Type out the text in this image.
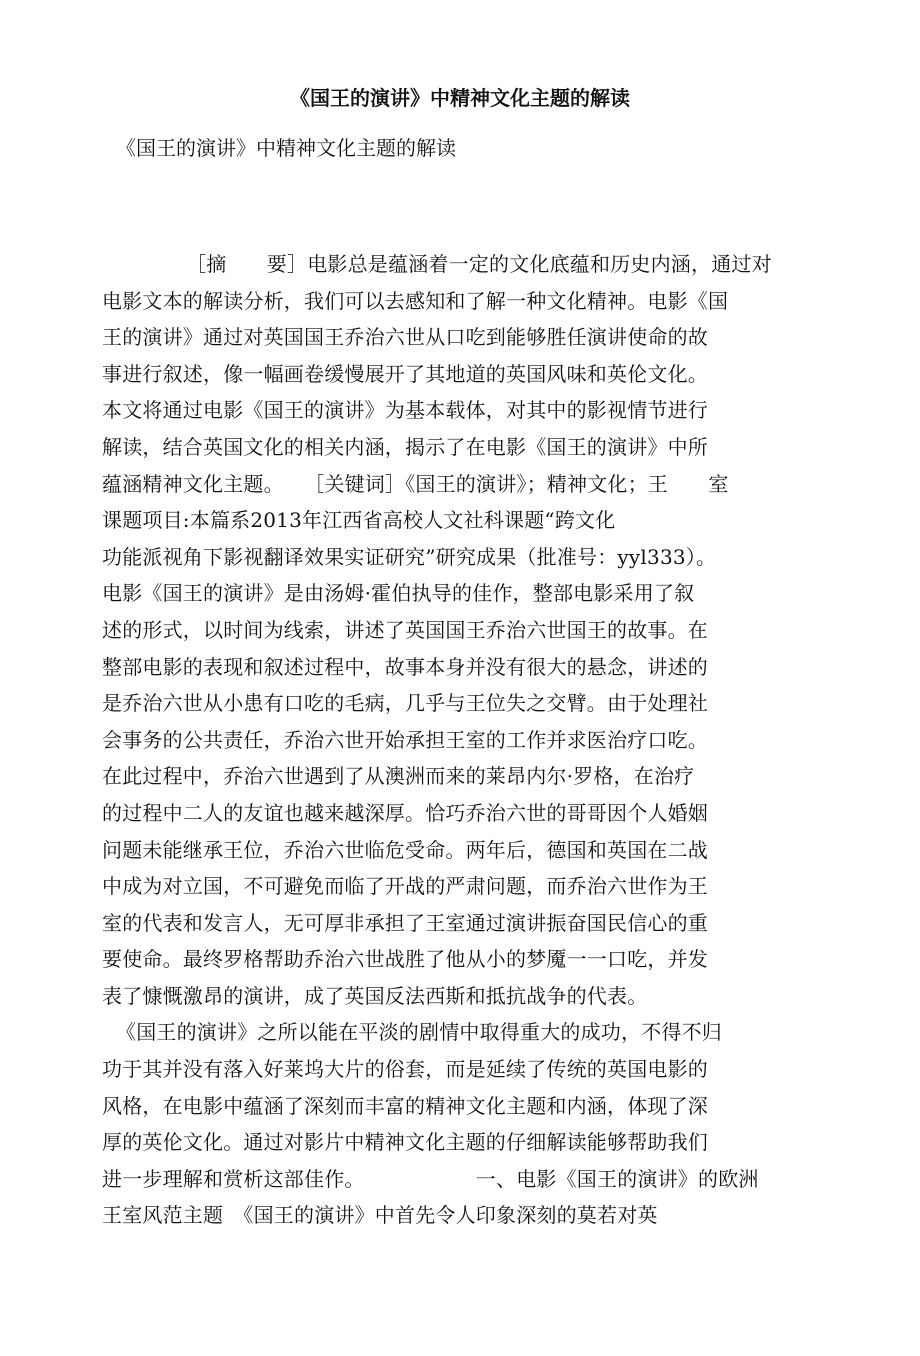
《国王的演讲》中精神文化主题的解读
《国王的演讲》中精神文化主题的解读
［摘　　要］电影总是蕴涵着一定的文化底蕴和历史内涵，通过对
电影文本的解读分析，我们可以去感知和了解一种文化精神。电影《国
王的演讲》通过对英国国王乔治六世从口吃到能够胜任演讲使命的故
事进行叙述，像一幅画卷缓慢展开了其地道的英国风味和英伦文化。
本文将通过电影《国王的演讲》为基本载体，对其中的影视情节进行
解读，结合英国文化的相关内涵，揭示了在电影《国王的演讲》中所
蕴涵精神文化主题。　　［关键词］《国王的演讲》；精神文化；王　　室
课题项目:本篇系2013年江西省高校人文社科课题“跨文化
功能派视角下影视翻译效果实证研究”研究成果（批准号：yyl333）。
电影《国王的演讲》是由汤姆·霍伯执导的佳作，整部电影采用了叙
述的形式，以时间为线索，讲述了英国国王乔治六世国王的故事。在
整部电影的表现和叙述过程中，故事本身并没有很大的悬念，讲述的
是乔治六世从小患有口吃的毛病，几乎与王位失之交臂。由于处理社
会事务的公共责任，乔治六世开始承担王室的工作并求医治疗口吃。
在此过程中，乔治六世遇到了从澳洲而来的莱昂内尔·罗格，在治疗
的过程中二人的友谊也越来越深厚。恰巧乔治六世的哥哥因个人婚姻
问题未能继承王位，乔治六世临危受命。两年后，德国和英国在二战
中成为对立国，不可避免而临了开战的严肃问题，而乔治六世作为王
室的代表和发言人，无可厚非承担了王室通过演讲振奋国民信心的重
要使命。最终罗格帮助乔治六世战胜了他从小的梦魇一一口吃，并发
表了慷慨激昂的演讲，成了英国反法西斯和抵抗战争的代表。
《国王的演讲》之所以能在平淡的剧情中取得重大的成功，不得不归
功于其并没有落入好莱坞大片的俗套，而是延续了传统的英国电影的
风格，在电影中蕴涵了深刻而丰富的精神文化主题和内涵，体现了深
厚的英伦文化。通过对影片中精神文化主题的仔细解读能够帮助我们
进一步理解和赏析这部佳作。　　　　　　一、电影《国王的演讲》的欧洲
王室风范主题　《国王的演讲》中首先令人印象深刻的莫若对英
